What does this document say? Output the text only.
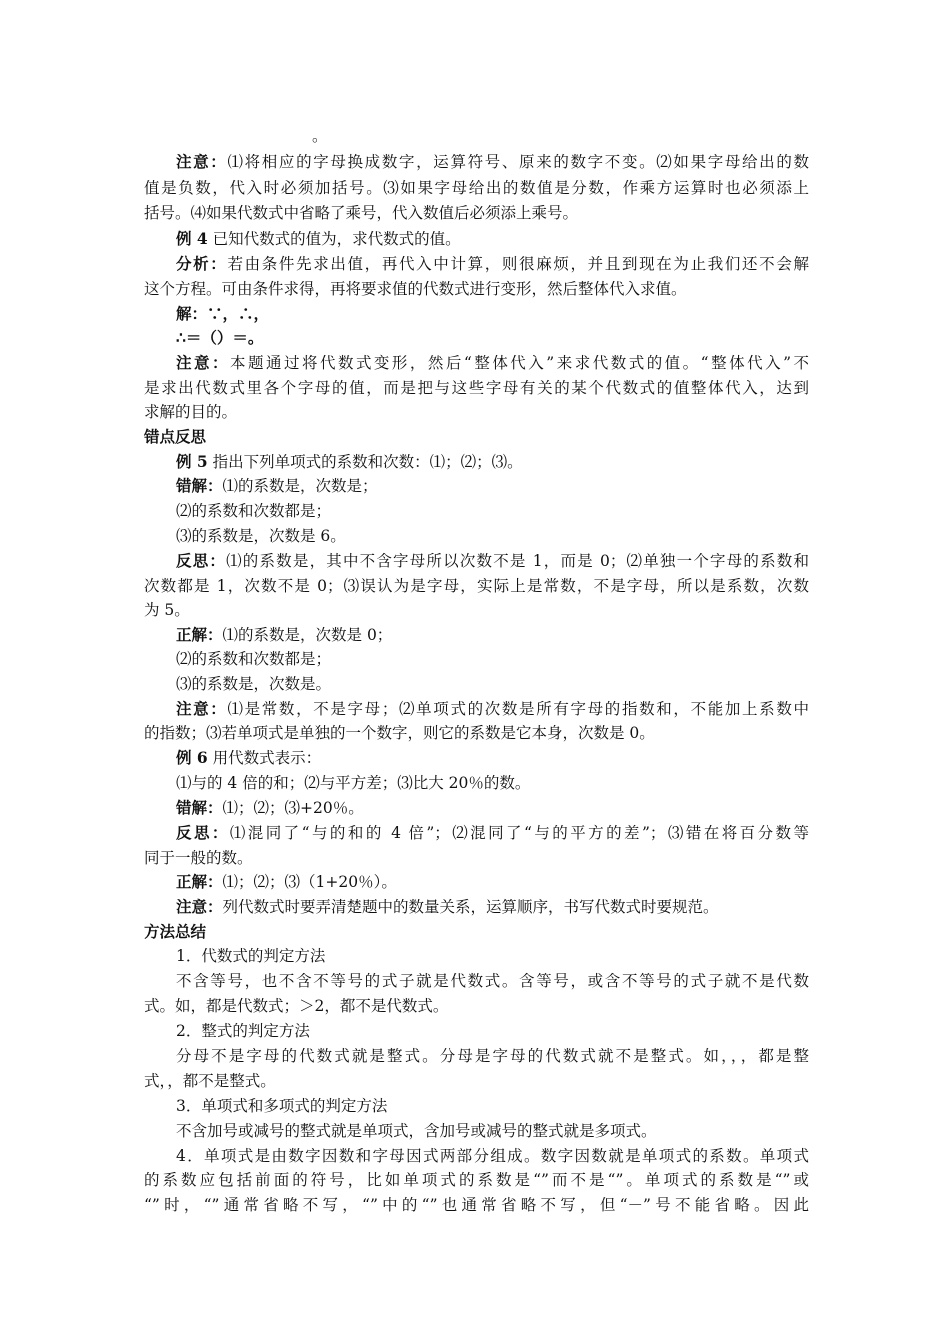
。
注意：⑴将相应的字母换成数字，运算符号、原来的数字不变。⑵如果字母给出的数
值是负数，代入时必须加括号。⑶如果字母给出的数值是分数，作乘方运算时也必须添上
括号。⑷如果代数式中省略了乘号，代入数值后必须添上乘号。
例 4 已知代数式的值为，求代数式的值。
分析：若由条件先求出值，再代入中计算，则很麻烦，并且到现在为止我们还不会解
这个方程。可由条件求得，再将要求值的代数式进行变形，然后整体代入求值。
解：∵，∴，
∴＝（）＝。
注意：本题通过将代数式变形，然后“整体代入”来求代数式的值。“整体代入”不
是求出代数式里各个字母的值，而是把与这些字母有关的某个代数式的值整体代入，达到
求解的目的。
错点反思
例 5 指出下列单项式的系数和次数：⑴；⑵；⑶。
错解：⑴的系数是，次数是；
⑵的系数和次数都是；
⑶的系数是，次数是 6。
反思：⑴的系数是，其中不含字母所以次数不是 1，而是 0；⑵单独一个字母的系数和
次数都是 1，次数不是 0；⑶误认为是字母，实际上是常数，不是字母，所以是系数，次数
为 5。
正解：⑴的系数是，次数是 0；
⑵的系数和次数都是；
⑶的系数是，次数是。
注意：⑴是常数，不是字母；⑵单项式的次数是所有字母的指数和，不能加上系数中
的指数；⑶若单项式是单独的一个数字，则它的系数是它本身，次数是 0。
例 6 用代数式表示：
⑴与的 4 倍的和；⑵与平方差；⑶比大 20％的数。
错解：⑴；⑵；⑶+20％。
反思：⑴混同了“与的和的 4 倍”；⑵混同了“与的平方的差”；⑶错在将百分数等
同于一般的数。
正解：⑴；⑵；⑶（1+20％）。
注意：列代数式时要弄清楚题中的数量关系，运算顺序，书写代数式时要规范。
方法总结
1．代数式的判定方法
不含等号，也不含不等号的式子就是代数式。含等号，或含不等号的式子就不是代数
式。如，都是代数式；＞2，都不是代数式。
2．整式的判定方法
分母不是字母的代数式就是整式。分母是字母的代数式就不是整式。如，，，都是整
式，，都不是整式。
3．单项式和多项式的判定方法
不含加号或减号的整式就是单项式，含加号或减号的整式就是多项式。
4．单项式是由数字因数和字母因式两部分组成。数字因数就是单项式的系数。单项式
的系数应包括前面的符号，比如单项式的系数是“”而不是“”。单项式的系数是“”或
“”时，“”通常省略不写，“”中的“”也通常省略不写，但“－”号不能省略。因此
